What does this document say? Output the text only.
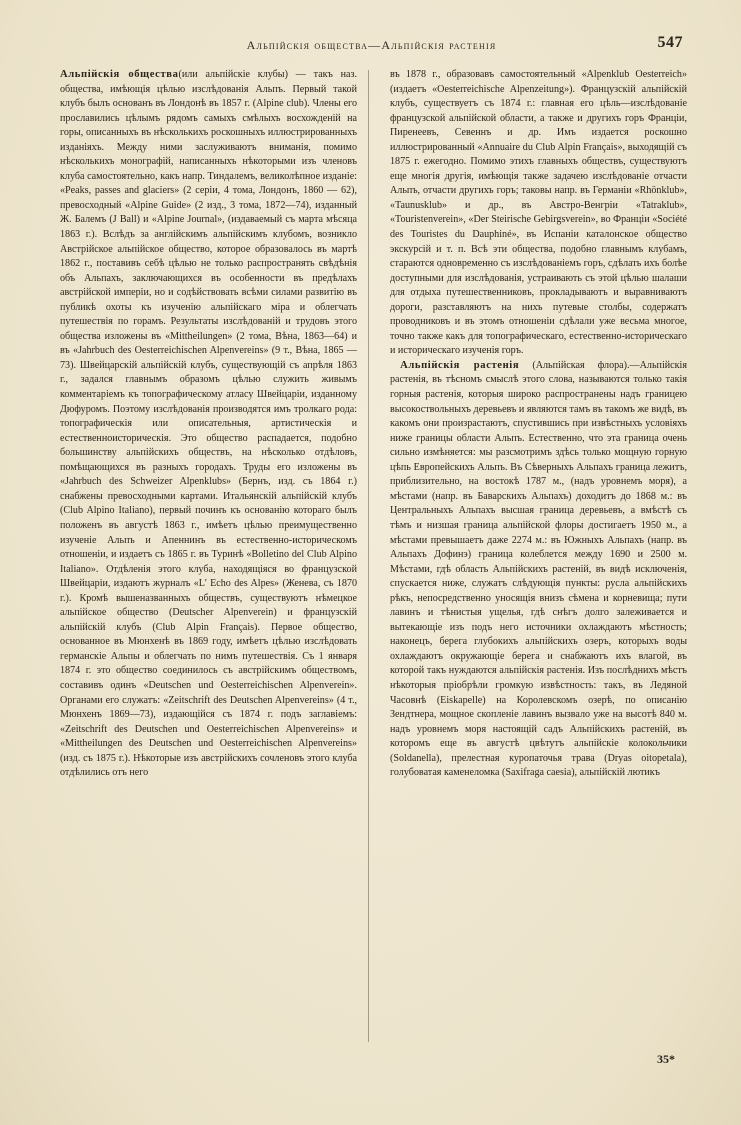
Альпійскія общества—Альпійскія растенія	547

Альпійскія общества(или альпійскіе клубы) — такъ наз. общества, имѣющія цѣлью изслѣдованія Альпъ. Первый такой клубъ былъ основанъ въ Лондонѣ въ 1857 г. (Alpine club). Члены его прославились цѣлымъ рядомъ самыхъ смѣлыхъ восхожденій на горы, описанныхъ въ нѣсколькихъ роскошныхъ иллюстрированныхъ изданіяхъ. Между ними заслуживаютъ вниманія, помимо нѣсколькихъ монографій, написанныхъ нѣкоторыми изъ членовъ клуба самостоятельно, какъ напр. Тиндалемъ, великолѣпное изданіе: «Peaks, passes and glaciers» (2 серіи, 4 тома, Лондонъ, 1860 — 62), превосходный «Alpine Guide» (2 изд., 3 тома, 1872—74), изданный Ж. Балемъ (J Ball) и «Alpine Journal», (издаваемый съ марта мѣсяца 1863 г.). Вслѣдъ за англійскимъ альпійскимъ клубомъ, возникло Австрійское альпійское общество, которое образовалось въ мартѣ 1862 г., поставивъ себѣ цѣлью не только распространять свѣдѣнія объ Альпахъ, заключающихся въ особенности въ предѣлахъ австрійской имперіи, но и содѣйствовать всѣми силами развитію въ публикѣ охоты къ изученію альпійскаго міра и облегчать путешествія по горамъ. Результаты изслѣдованій и трудовъ этого общества изложены въ «Mittheilungen» (2 тома, Вѣна, 1863—64) и въ «Jahrbuch des Oesterreichischen Alpenvereins» (9 т., Вѣна, 1865 — 73). Швейцарскій альпійскій клубъ, существующій съ апрѣля 1863 г., задался главнымъ образомъ цѣлью служить живымъ комментаріемъ къ топографическому атласу Швейцаріи, изданному Дюфуромъ. Поэтому изслѣдованія производятся имъ тролкаго рода: топографическія или описательныя, артистическія и естественноисторическія. Это общество распадается, подобно большинству альпійскихъ обществъ, на нѣсколько отдѣловъ, помѣщающихся въ разныхъ городахъ. Труды его изложены въ «Jahrbuch des Schweizer Alpenklubs» (Бернъ, изд. съ 1864 г.) снабжены превосходными картами. Итальянскій альпійскій клубъ (Club Alpino Italiano), первый починъ къ основанію котораго былъ положенъ въ августѣ 1863 г., имѣетъ цѣлью преимущественно изученіе Альпъ и Апеннинъ въ естественно-историческомъ отношеніи, и издаетъ съ 1865 г. въ Туринѣ «Bolletino del Club Alpino Italiano». Отдѣленія этого клуба, находящіяся во французской Швейцаріи, издаютъ журналъ «L' Echo des Alpes» (Женева, съ 1870 г.). Кромѣ вышеназванныхъ обществъ, существуютъ нѣмецкое альпійское общество (Deutscher Alpenverein) и французскій альпійскій клубъ (Club Alpin Français). Первое общество, основанное въ Мюнхенѣ въ 1869 году, имѣетъ цѣлью изслѣдовать германскіе Альпы и облегчать по нимъ путешествія. Съ 1 января 1874 г. это общество соединилось съ австрійскимъ обществомъ, составивъ одинъ «Deutschen und Oesterreichischen Alpenverein». Органами его служатъ: «Zeitschrift des Deutschen Alpenvereins» (4 т., Мюнхенъ 1869—73), издающійся съ 1874 г. подъ заглавіемъ: «Zeitschrift des Deutschen und Oesterreichischen Alpenvereins» и «Mittheilungen des Deutschen und Oesterreichischen Alpenvereins» (изд. съ 1875 г.). Нѣкоторые изъ австрійскихъ сочленовъ этого клуба отдѣлились отъ него

въ 1878 г., образовавъ самостоятельный «Alpenklub Oesterreich» (издаетъ «Oesterreichische Alpenzeitung»). Французскій альпійскій клубъ, существуетъ съ 1874 г.: главная его цѣль—изслѣдованіе французской альпійской области, а также и другихъ горъ Франціи, Пиренеевъ, Севеннъ и др. Имъ издается роскошно иллюстрированный «Annuaire du Club Alpin Français», выходящій съ 1875 г. ежегодно. Помимо этихъ главныхъ обществъ, существуютъ еще многія другія, имѣющія также задачею изслѣдованіе отчасти Альпъ, отчасти другихъ горъ; таковы напр. въ Германіи «Rhönklub», «Taunusklub» и др., въ Австро-Венгріи «Tatraklub», «Touristenverein», «Der Steirische Gebirgsverein», во Франціи «Société des Touristes du Dauphiné», въ Испаніи каталонское общество экскурсій и т. п. Всѣ эти общества, подобно главнымъ клубамъ, стараются одновременно съ изслѣдованіемъ горъ, сдѣлать ихъ болѣе доступными для изслѣдованія, устраивають съ этой цѣлью шалаши для отдыха путешественниковъ, прокладываютъ и выравниваютъ дороги, разставляютъ на нихъ путевые столбы, содержатъ проводниковъ и въ этомъ отношеніи сдѣлали уже весьма многое, точно также какъ для топографическаго, естественно-историческаго и историческаго изученія горъ.

 Альпійскія растенія (Альпійская флора).—Альпійскія растенія, въ тѣсномъ смыслѣ этого слова, называются только такія горныя растенія, которыя широко распространены надъ границею высокоствольныхъ деревьевъ и являются тамъ въ такомъ же видѣ, въ какомъ они произрастаютъ, спустившись при извѣстныхъ условіяхъ ниже границы области Альпъ. Естественно, что эта граница очень сильно измѣняется: мы разсмотримъ здѣсь только мощную горную цѣпь Европейскихъ Альпъ. Въ Сѣверныхъ Альпахъ граница лежитъ, приблизительно, на востокѣ 1787 м., (надъ уровнемъ моря), а мѣстами (напр. въ Баварскихъ Альпахъ) доходитъ до 1868 м.: въ Центральныхъ Альпахъ высшая граница деревьевъ, а вмѣстѣ съ тѣмъ и низшая граница альпійской флоры достигаетъ 1950 м., а мѣстами превышаетъ даже 2274 м.: въ Южныхъ Альпахъ (напр. въ Альпахъ Дофинэ) граница колеблется между 1690 и 2500 м. Мѣстами, гдѣ область Альпійскихъ растеній, въ видѣ исключенія, спускается ниже, служатъ слѣдующія пункты: русла альпійскихъ рѣкъ, непосредственно уносящія внизъ сѣмена и корневища; пути лавинъ и тѣнистыя ущелья, гдѣ снѣгъ долго залеживается и вытекающіе изъ подъ него источники охлаждаютъ мѣстность; наконецъ, берега глубокихъ альпійскихъ озеръ, которыхъ воды охлаждаютъ окружающіе берега и снабжаютъ ихъ влагой, въ которой такъ нуждаются альпійскія растенія. Изъ послѣднихъ мѣстъ нѣкоторыя пріобрѣли громкую извѣстность: такъ, въ Ледяной Часовнѣ (Eiskapelle) на Королевскомъ озерѣ, по описанію Зендтнера, мощное скопленіе лавинъ вызвало уже на высотѣ 840 м. надъ уровнемъ моря настоящій садъ Альпійскихъ растеній, въ которомъ еще въ августѣ цвѣтутъ альпійскіе колокольчики (Soldanella), прелестная куропаточья трава (Dryas oitopetala), голубоватая каменеломка (Saxifraga caesia), альпійскій лютикъ

35*
